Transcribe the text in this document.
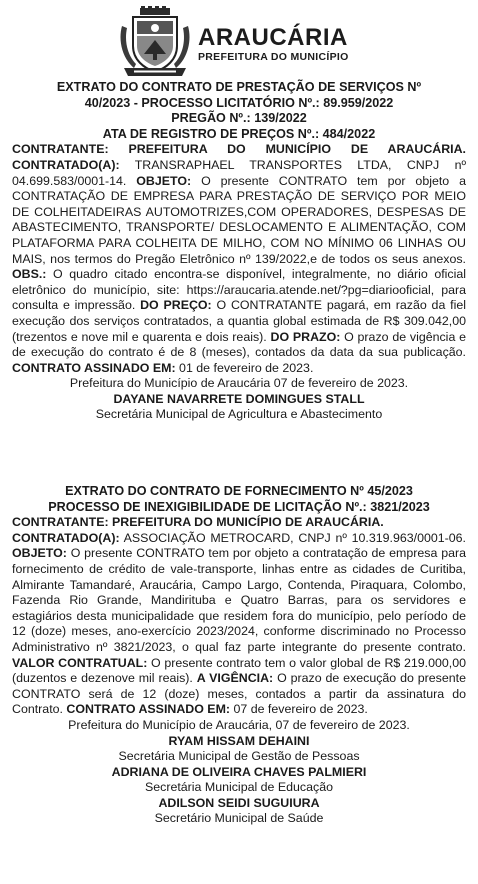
ARAUCÁRIA
PREFEITURA DO MUNICÍPIO
EXTRATO DO CONTRATO DE PRESTAÇÃO DE SERVIÇOS Nº
40/2023 - PROCESSO LICITATÓRIO Nº.: 89.959/2022
PREGÃO Nº.: 139/2022
ATA DE REGISTRO DE PREÇOS Nº.: 484/2022

CONTRATANTE: PREFEITURA DO MUNICÍPIO DE ARAUCÁRIA. CONTRATADO(A): TRANSRAPHAEL TRANSPORTES LTDA, CNPJ nº 04.699.583/0001-14. OBJETO: O presente CONTRATO tem por objeto a CONTRATAÇÃO DE EMPRESA PARA PRESTAÇÃO DE SERVIÇO POR MEIO DE COLHEITADEIRAS AUTOMOTRIZES,COM OPERADORES, DESPESAS DE ABASTECIMENTO, TRANSPORTE/ DESLOCAMENTO E ALIMENTAÇÃO, COM PLATAFORMA PARA COLHEITA DE MILHO, COM NO MÍNIMO 06 LINHAS OU MAIS, nos termos do Pregão Eletrônico nº 139/2022,e de todos os seus anexos. OBS.: O quadro citado encontra-se disponível, integralmente, no diário oficial eletrônico do município, site: https://araucaria.atende.net/?pg=diariooficial, para consulta e impressão. DO PREÇO: O CONTRATANTE pagará, em razão da fiel execução dos serviços contratados, a quantia global estimada de R$ 309.042,00 (trezentos e nove mil e quarenta e dois reais). DO PRAZO: O prazo de vigência e de execução do contrato é de 8 (meses), contados da data da sua publicação. CONTRATO ASSINADO EM: 01 de fevereiro de 2023.

Prefeitura do Município de Araucária 07 de fevereiro de 2023.
DAYANE NAVARRETE DOMINGUES STALL
Secretária Municipal de Agricultura e Abastecimento
EXTRATO DO CONTRATO DE FORNECIMENTO Nº 45/2023
PROCESSO DE INEXIGIBILIDADE DE LICITAÇÃO Nº.: 3821/2023
CONTRATANTE: PREFEITURA DO MUNICÍPIO DE ARAUCÁRIA.

CONTRATADO(A): ASSOCIAÇÃO METROCARD, CNPJ nº 10.319.963/0001-06. OBJETO: O presente CONTRATO tem por objeto a contratação de empresa para fornecimento de crédito de vale-transporte, linhas entre as cidades de Curitiba, Almirante Tamandaré, Araucária, Campo Largo, Contenda, Piraquara, Colombo, Fazenda Rio Grande, Mandirituba e Quatro Barras, para os servidores e estagiários desta municipalidade que residem fora do município, pelo período de 12 (doze) meses, ano-exercício 2023/2024, conforme discriminado no Processo Administrativo nº 3821/2023, o qual faz parte integrante do presente contrato. VALOR CONTRATUAL: O presente contrato tem o valor global de R$ 219.000,00 (duzentos e dezenove mil reais). A VIGÊNCIA: O prazo de execução do presente CONTRATO será de 12 (doze) meses, contados a partir da assinatura do Contrato. CONTRATO ASSINADO EM: 07 de fevereiro de 2023.

Prefeitura do Município de Araucária, 07 de fevereiro de 2023.
RYAM HISSAM DEHAINI
Secretária Municipal de Gestão de Pessoas
ADRIANA DE OLIVEIRA CHAVES PALMIERI
Secretária Municipal de Educação
ADILSON SEIDI SUGUIURA
Secretário Municipal de Saúde
